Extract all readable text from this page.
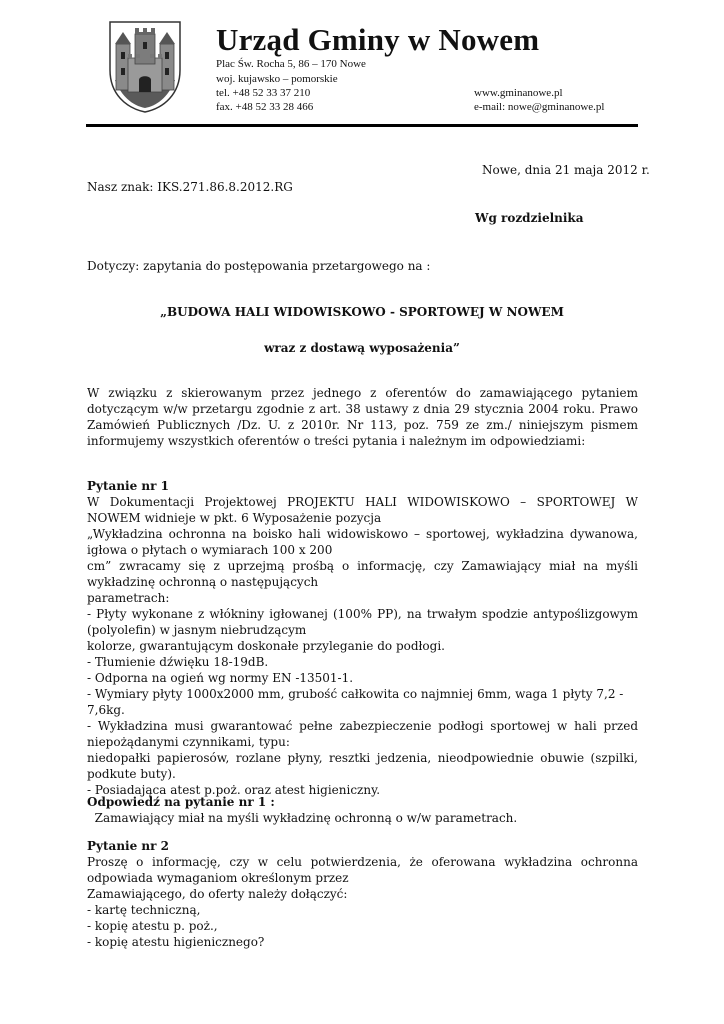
Urząd Gminy w Nowem
Plac Św. Rocha 5, 86 – 170 Nowe
woj. kujawsko – pomorskie
tel. +48 52 33 37 210
fax. +48 52 33 28 466
www.gminanowe.pl
e-mail: nowe@gminanowe.pl
Nowe, dnia 21 maja 2012 r.
Nasz znak: IKS.271.86.8.2012.RG
Wg rozdzielnika
Dotyczy: zapytania do postępowania przetargowego na :
„BUDOWA HALI WIDOWISKOWO - SPORTOWEJ W NOWEM
wraz z dostawą wyposażenia”
W związku z skierowanym przez jednego z oferentów do zamawiającego pytaniem dotyczącym w/w przetargu zgodnie z art. 38 ustawy z dnia 29 stycznia 2004 roku. Prawo Zamówień Publicznych /Dz. U. z 2010r. Nr 113, poz. 759 ze zm./ niniejszym pismem informujemy wszystkich oferentów o treści pytania i należnym im odpowiedziami:
Pytanie nr 1
W Dokumentacji Projektowej PROJEKTU HALI WIDOWISKOWO – SPORTOWEJ W NOWEM widnieje w pkt. 6 Wyposażenie pozycja
„Wykładzina ochronna na boisko hali widowiskowo – sportowej, wykładzina dywanowa, igłowa o płytach o wymiarach 100 x 200
cm” zwracamy się z uprzejmą prośbą o informację, czy Zamawiający miał na myśli wykładzinę ochronną o następujących
parametrach:
- Płyty wykonane z włókniny igłowanej (100% PP), na trwałym spodzie antypoślizgowym (polyolefin) w jasnym niebrudzącym
kolorze, gwarantującym doskonałe przyleganie do podłogi.
- Tłumienie dźwięku 18-19dB.
- Odporna na ogień wg normy EN -13501-1.
- Wymiary płyty 1000x2000 mm, grubość całkowita co najmniej 6mm, waga 1 płyty 7,2 - 7,6kg.
- Wykładzina musi gwarantować pełne zabezpieczenie podłogi sportowej w hali przed niepożądanymi czynnikami, typu:
niedopałki papierosów, rozlane płyny, resztki jedzenia, nieodpowiednie obuwie (szpilki, podkute buty).
- Posiadająca atest p.poż. oraz atest higieniczny.
Odpowiedź na pytanie nr 1 :
Zamawiający miał na myśli wykładzinę ochronną o w/w parametrach.
Pytanie nr 2
Proszę o informację, czy w celu potwierdzenia, że oferowana wykładzina ochronna odpowiada wymaganiom określonym przez
Zamawiającego, do oferty należy dołączyć:
- kartę techniczną,
- kopię atestu p. poż.,
- kopię atestu higienicznego?
